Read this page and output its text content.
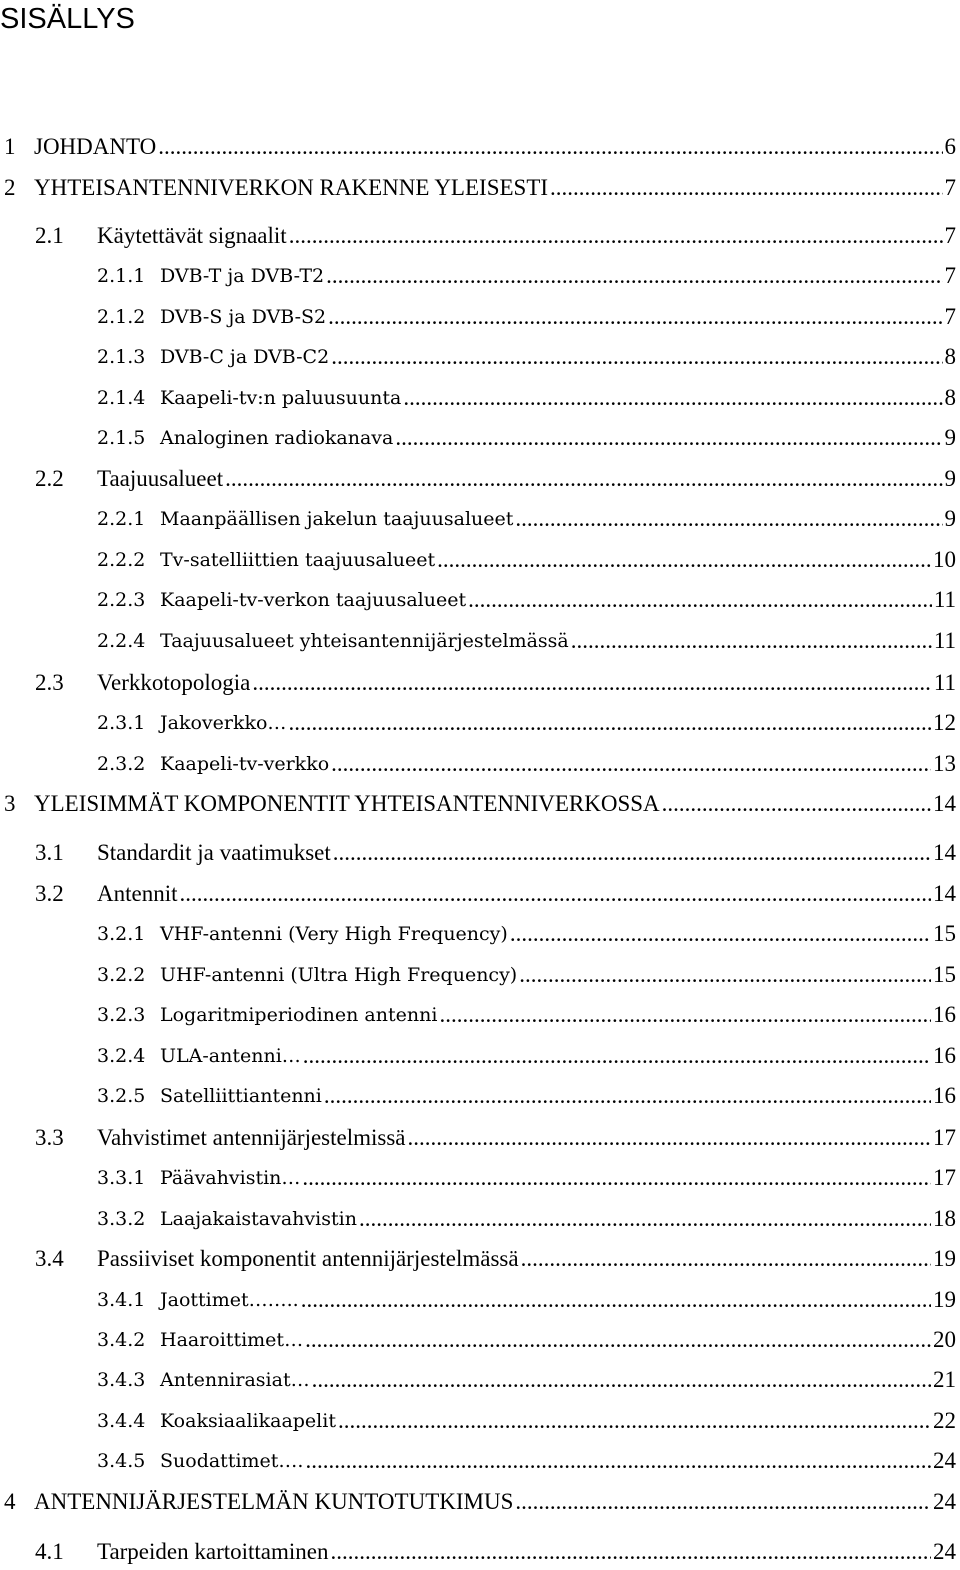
SISÄLLYS
1 JOHDANTO .....	6
2 YHTEISANTENNIVERKON RAKENNE YLEISESTI .....	7
2.1	Käytettävät signaalit .....	7
2.1.1 DVB-T ja DVB-T2 .....	7
2.1.2 DVB-S ja DVB-S2 .....	7
2.1.3 DVB-C ja DVB-C2 .....	8
2.1.4 Kaapeli-tv:n paluusuunta .....	8
2.1.5 Analoginen radiokanava .....	9
2.2	Taajuusalueet .....	9
2.2.1 Maanpäällisen jakelun taajuusalueet .....	9
2.2.2 Tv-satelliittien taajuusalueet .....	10
2.2.3 Kaapeli-tv-verkon taajuusalueet .....	11
2.2.4 Taajuusalueet yhteisantennijärjestelmässä .....	11
2.3	Verkkotopologia .....	11
2.3.1 Jakoverkko… .....	12
2.3.2 Kaapeli-tv-verkko .....	13
3 YLEISIMMÄT KOMPONENTIT YHTEISANTENNIVERKOSSA .....	14
3.1	Standardit ja vaatimukset .....	14
3.2	Antennit .....	14
3.2.1 VHF-antenni (Very High Frequency) .....	15
3.2.2 UHF-antenni (Ultra High Frequency) .....	15
3.2.3 Logaritmiperiodinen antenni .....	16
3.2.4 ULA-antenni… .....	16
3.2.5 Satelliittiantenni .....	16
3.3	Vahvistimet antennijärjestelmissä .....	17
3.3.1 Päävahvistin… .....	17
3.3.2 Laajakaistavahvistin .....	18
3.4	Passiiviset komponentit antennijärjestelmässä .....	19
3.4.1 Jaottimet…….. .....	19
3.4.2 Haaroittimet… .....	20
3.4.3 Antennirasiat… .....	21
3.4.4 Koaksiaalikaapelit .....	22
3.4.5 Suodattimet…. .....	24
4 ANTENNIJÄRJESTELMÄN KUNTOTUTKIMUS .....	24
4.1	Tarpeiden kartoittaminen .....	24
